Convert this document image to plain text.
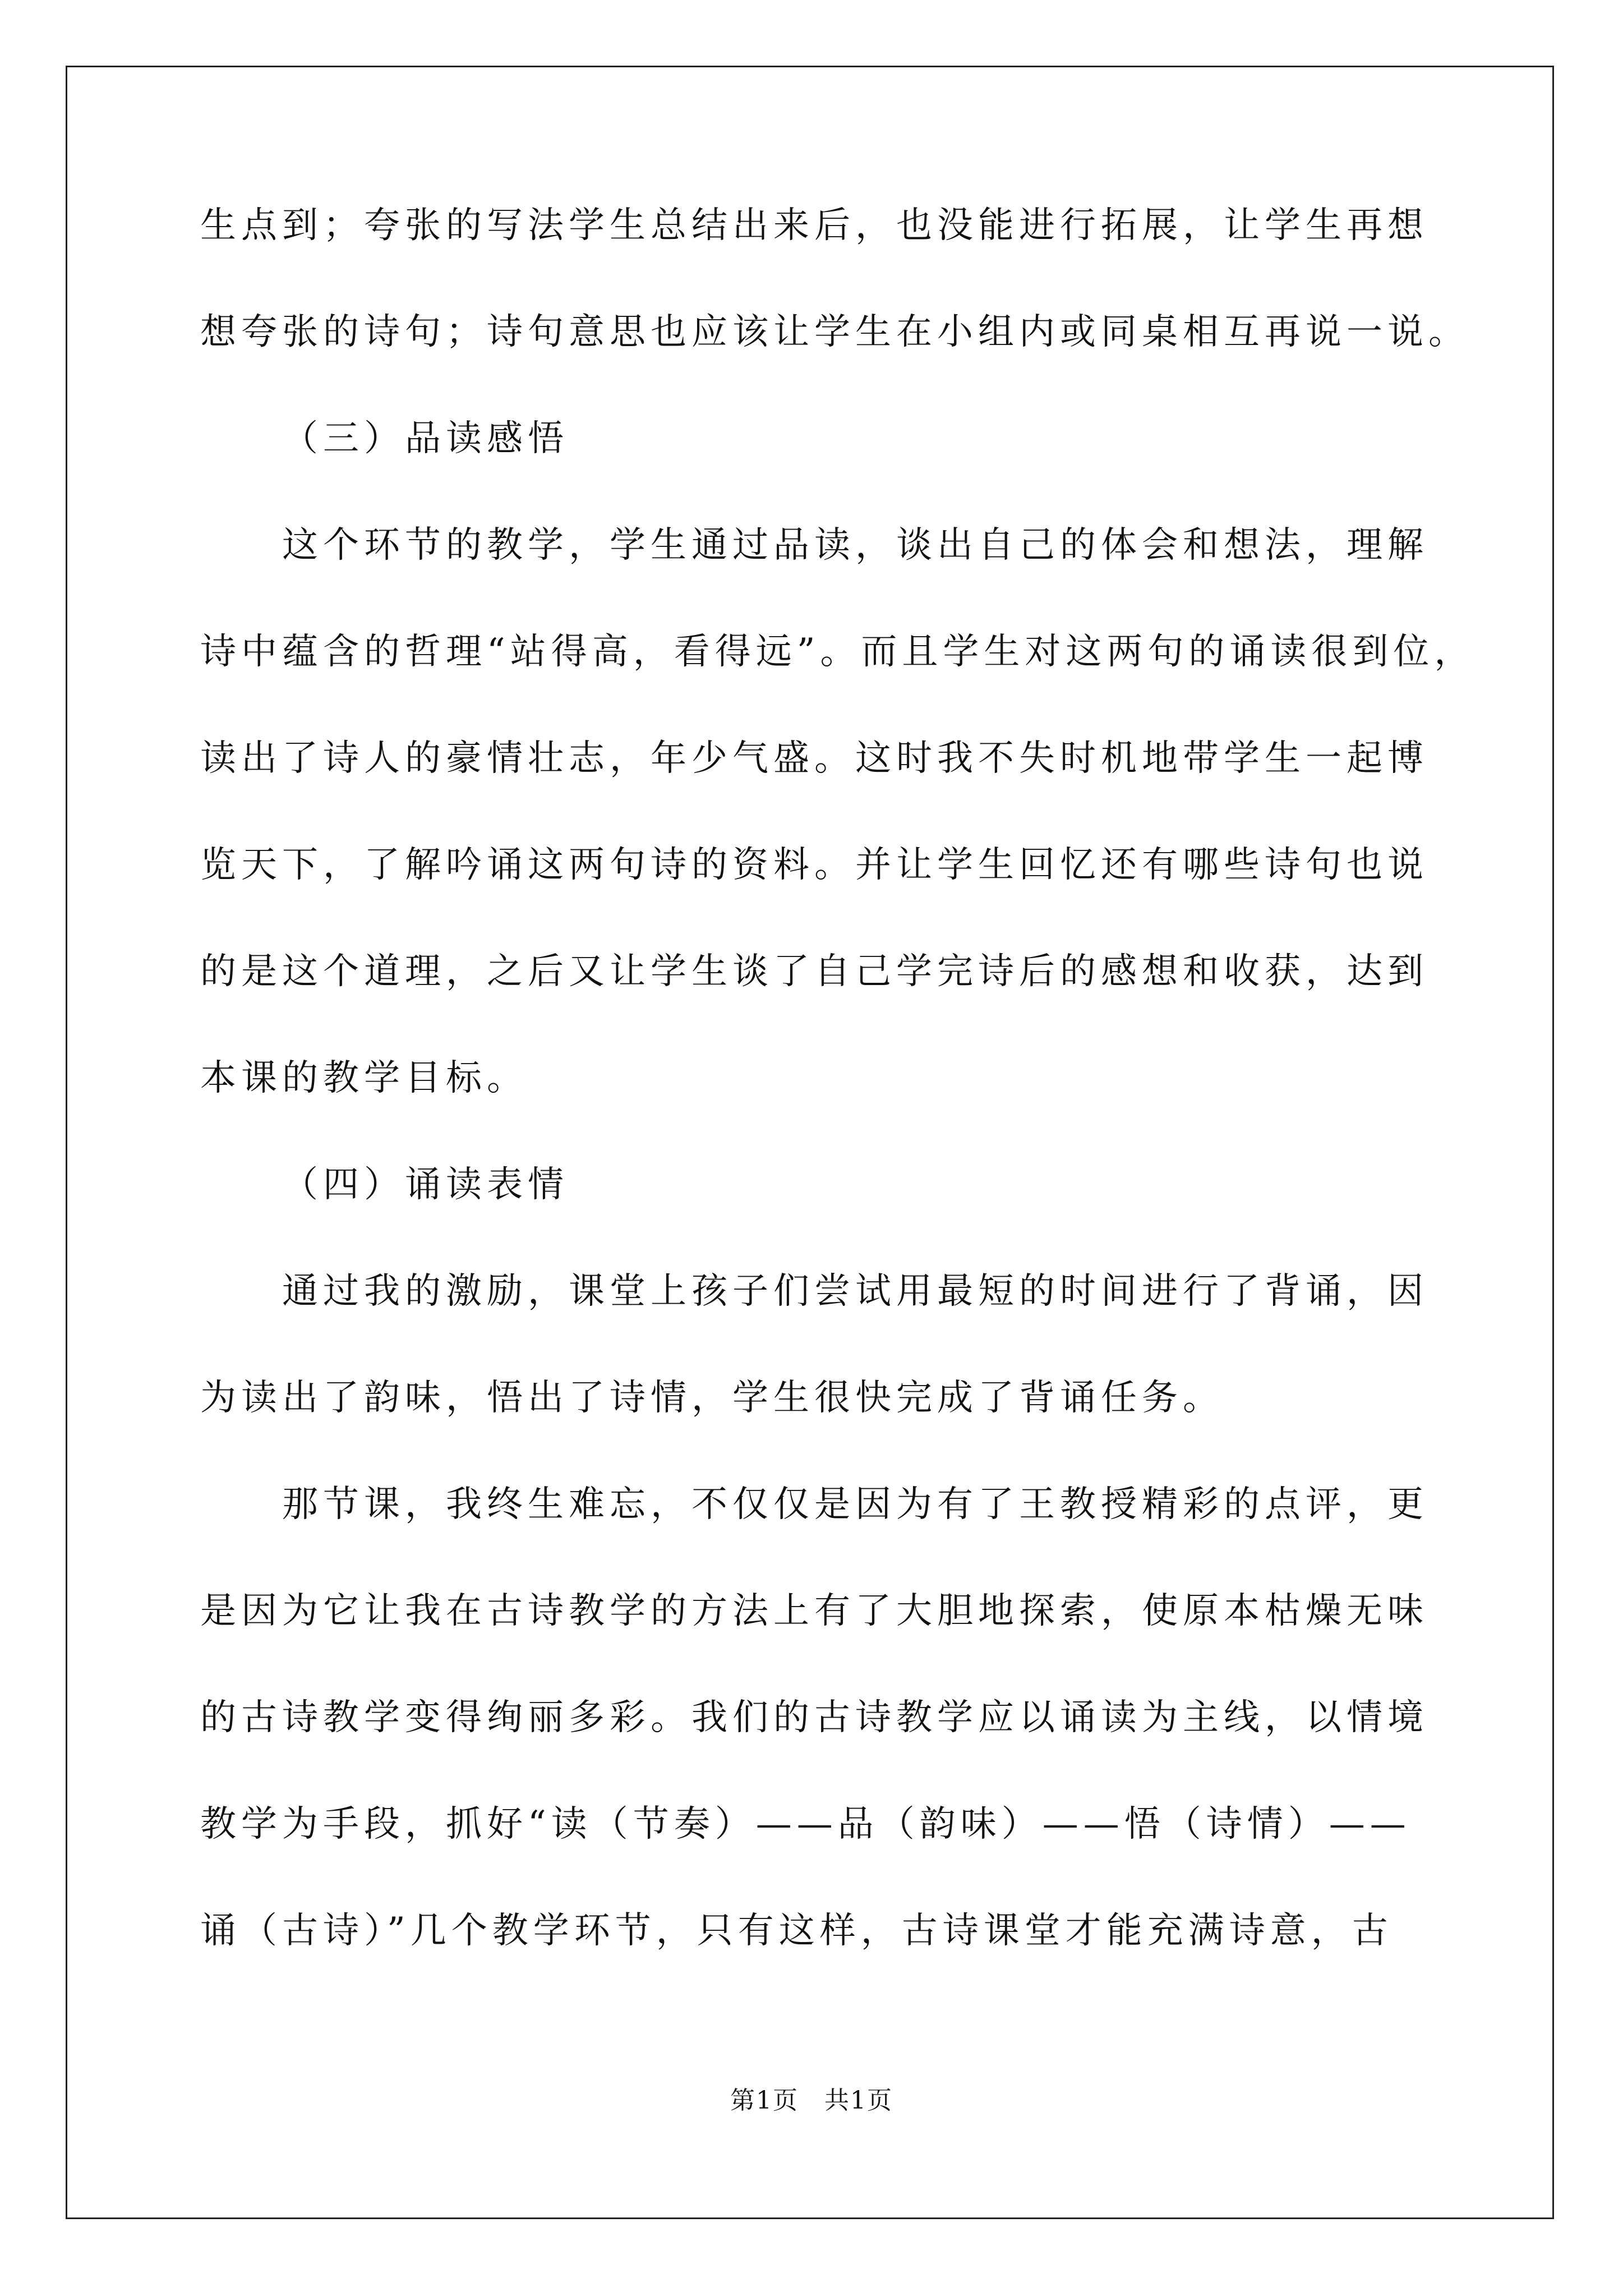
生点到；夸张的写法学生总结出来后，也没能进行拓展，让学生再想
想夸张的诗句；诗句意思也应该让学生在小组内或同桌相互再说一说。
（三）品读感悟
这个环节的教学，学生通过品读，谈出自己的体会和想法，理解
诗中蕴含的哲理“站得高，看得远”。而且学生对这两句的诵读很到位，
读出了诗人的豪情壮志，年少气盛。这时我不失时机地带学生一起博
览天下，了解吟诵这两句诗的资料。并让学生回忆还有哪些诗句也说
的是这个道理，之后又让学生谈了自己学完诗后的感想和收获，达到
本课的教学目标。
（四）诵读表情
通过我的激励，课堂上孩子们尝试用最短的时间进行了背诵，因
为读出了韵味，悟出了诗情，学生很快完成了背诵任务。
那节课，我终生难忘，不仅仅是因为有了王教授精彩的点评，更
是因为它让我在古诗教学的方法上有了大胆地探索，使原本枯燥无味
的古诗教学变得绚丽多彩。我们的古诗教学应以诵读为主线，以情境
教学为手段，抓好“读（节奏）——品（韵味）——悟（诗情）——
诵（古诗）”几个教学环节，只有这样，古诗课堂才能充满诗意，古
第1页　共1页
